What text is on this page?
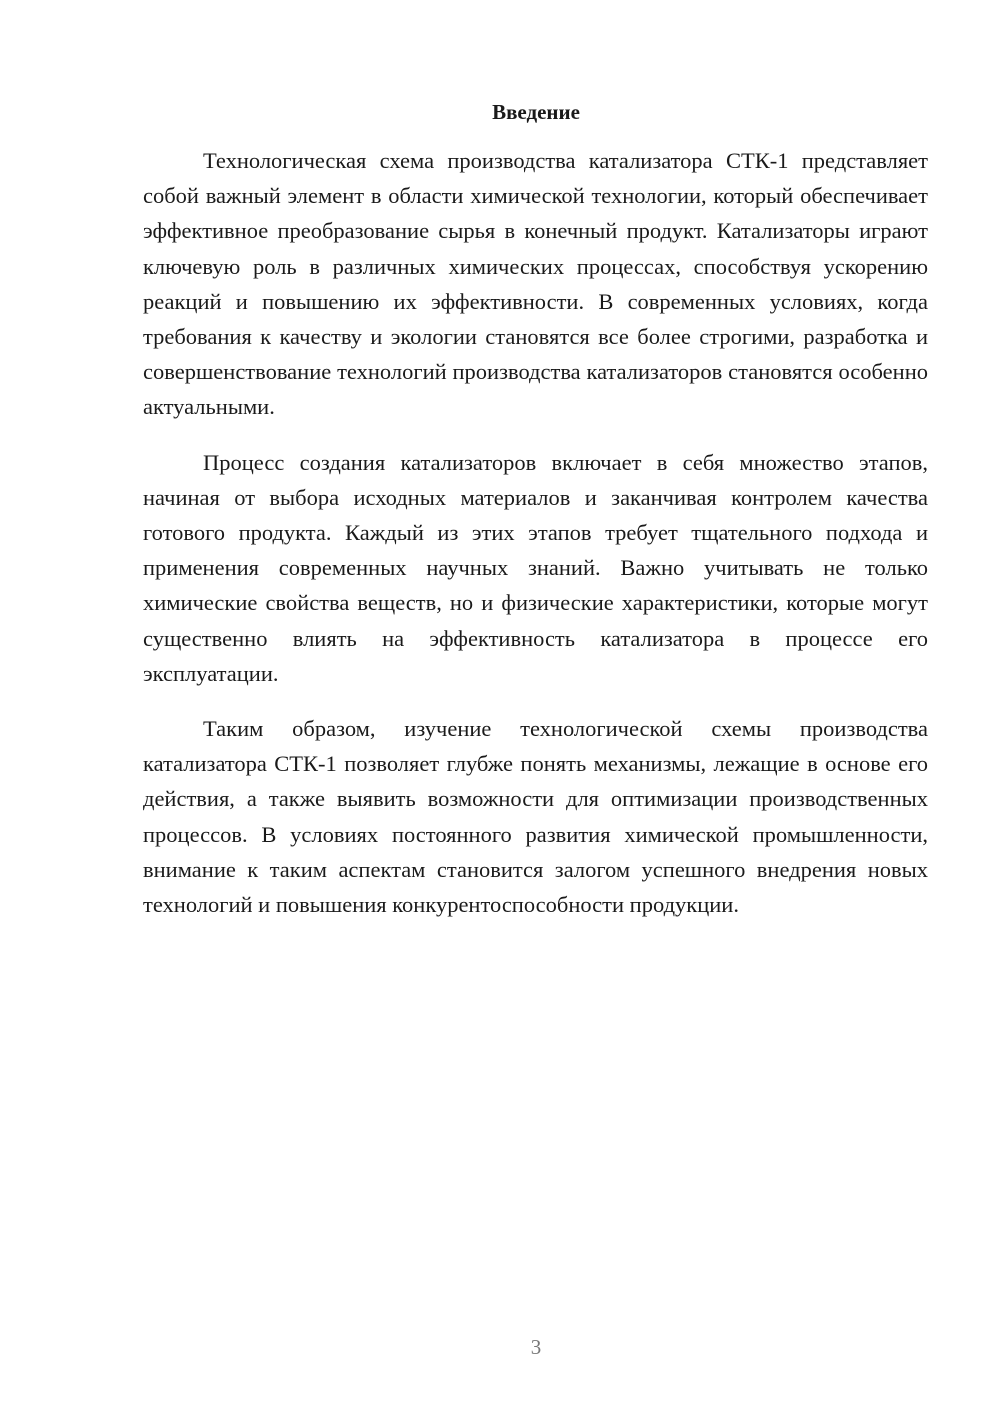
Введение

Технологическая схема производства катализатора СТК-1 представляет собой важный элемент в области химической технологии, который обеспечивает эффективное преобразование сырья в конечный продукт. Катализаторы играют ключевую роль в различных химических процессах, способствуя ускорению реакций и повышению их эффективности. В современных условиях, когда требования к качеству и экологии становятся все более строгими, разработка и совершенствование технологий производства катализаторов становятся особенно актуальными.

Процесс создания катализаторов включает в себя множество этапов, начиная от выбора исходных материалов и заканчивая контролем качества готового продукта. Каждый из этих этапов требует тщательного подхода и применения современных научных знаний. Важно учитывать не только химические свойства веществ, но и физические характеристики, которые могут существенно влиять на эффективность катализатора в процессе его эксплуатации.

Таким образом, изучение технологической схемы производства катализатора СТК-1 позволяет глубже понять механизмы, лежащие в основе его действия, а также выявить возможности для оптимизации производственных процессов. В условиях постоянного развития химической промышленности, внимание к таким аспектам становится залогом успешного внедрения новых технологий и повышения конкурентоспособности продукции.

3
